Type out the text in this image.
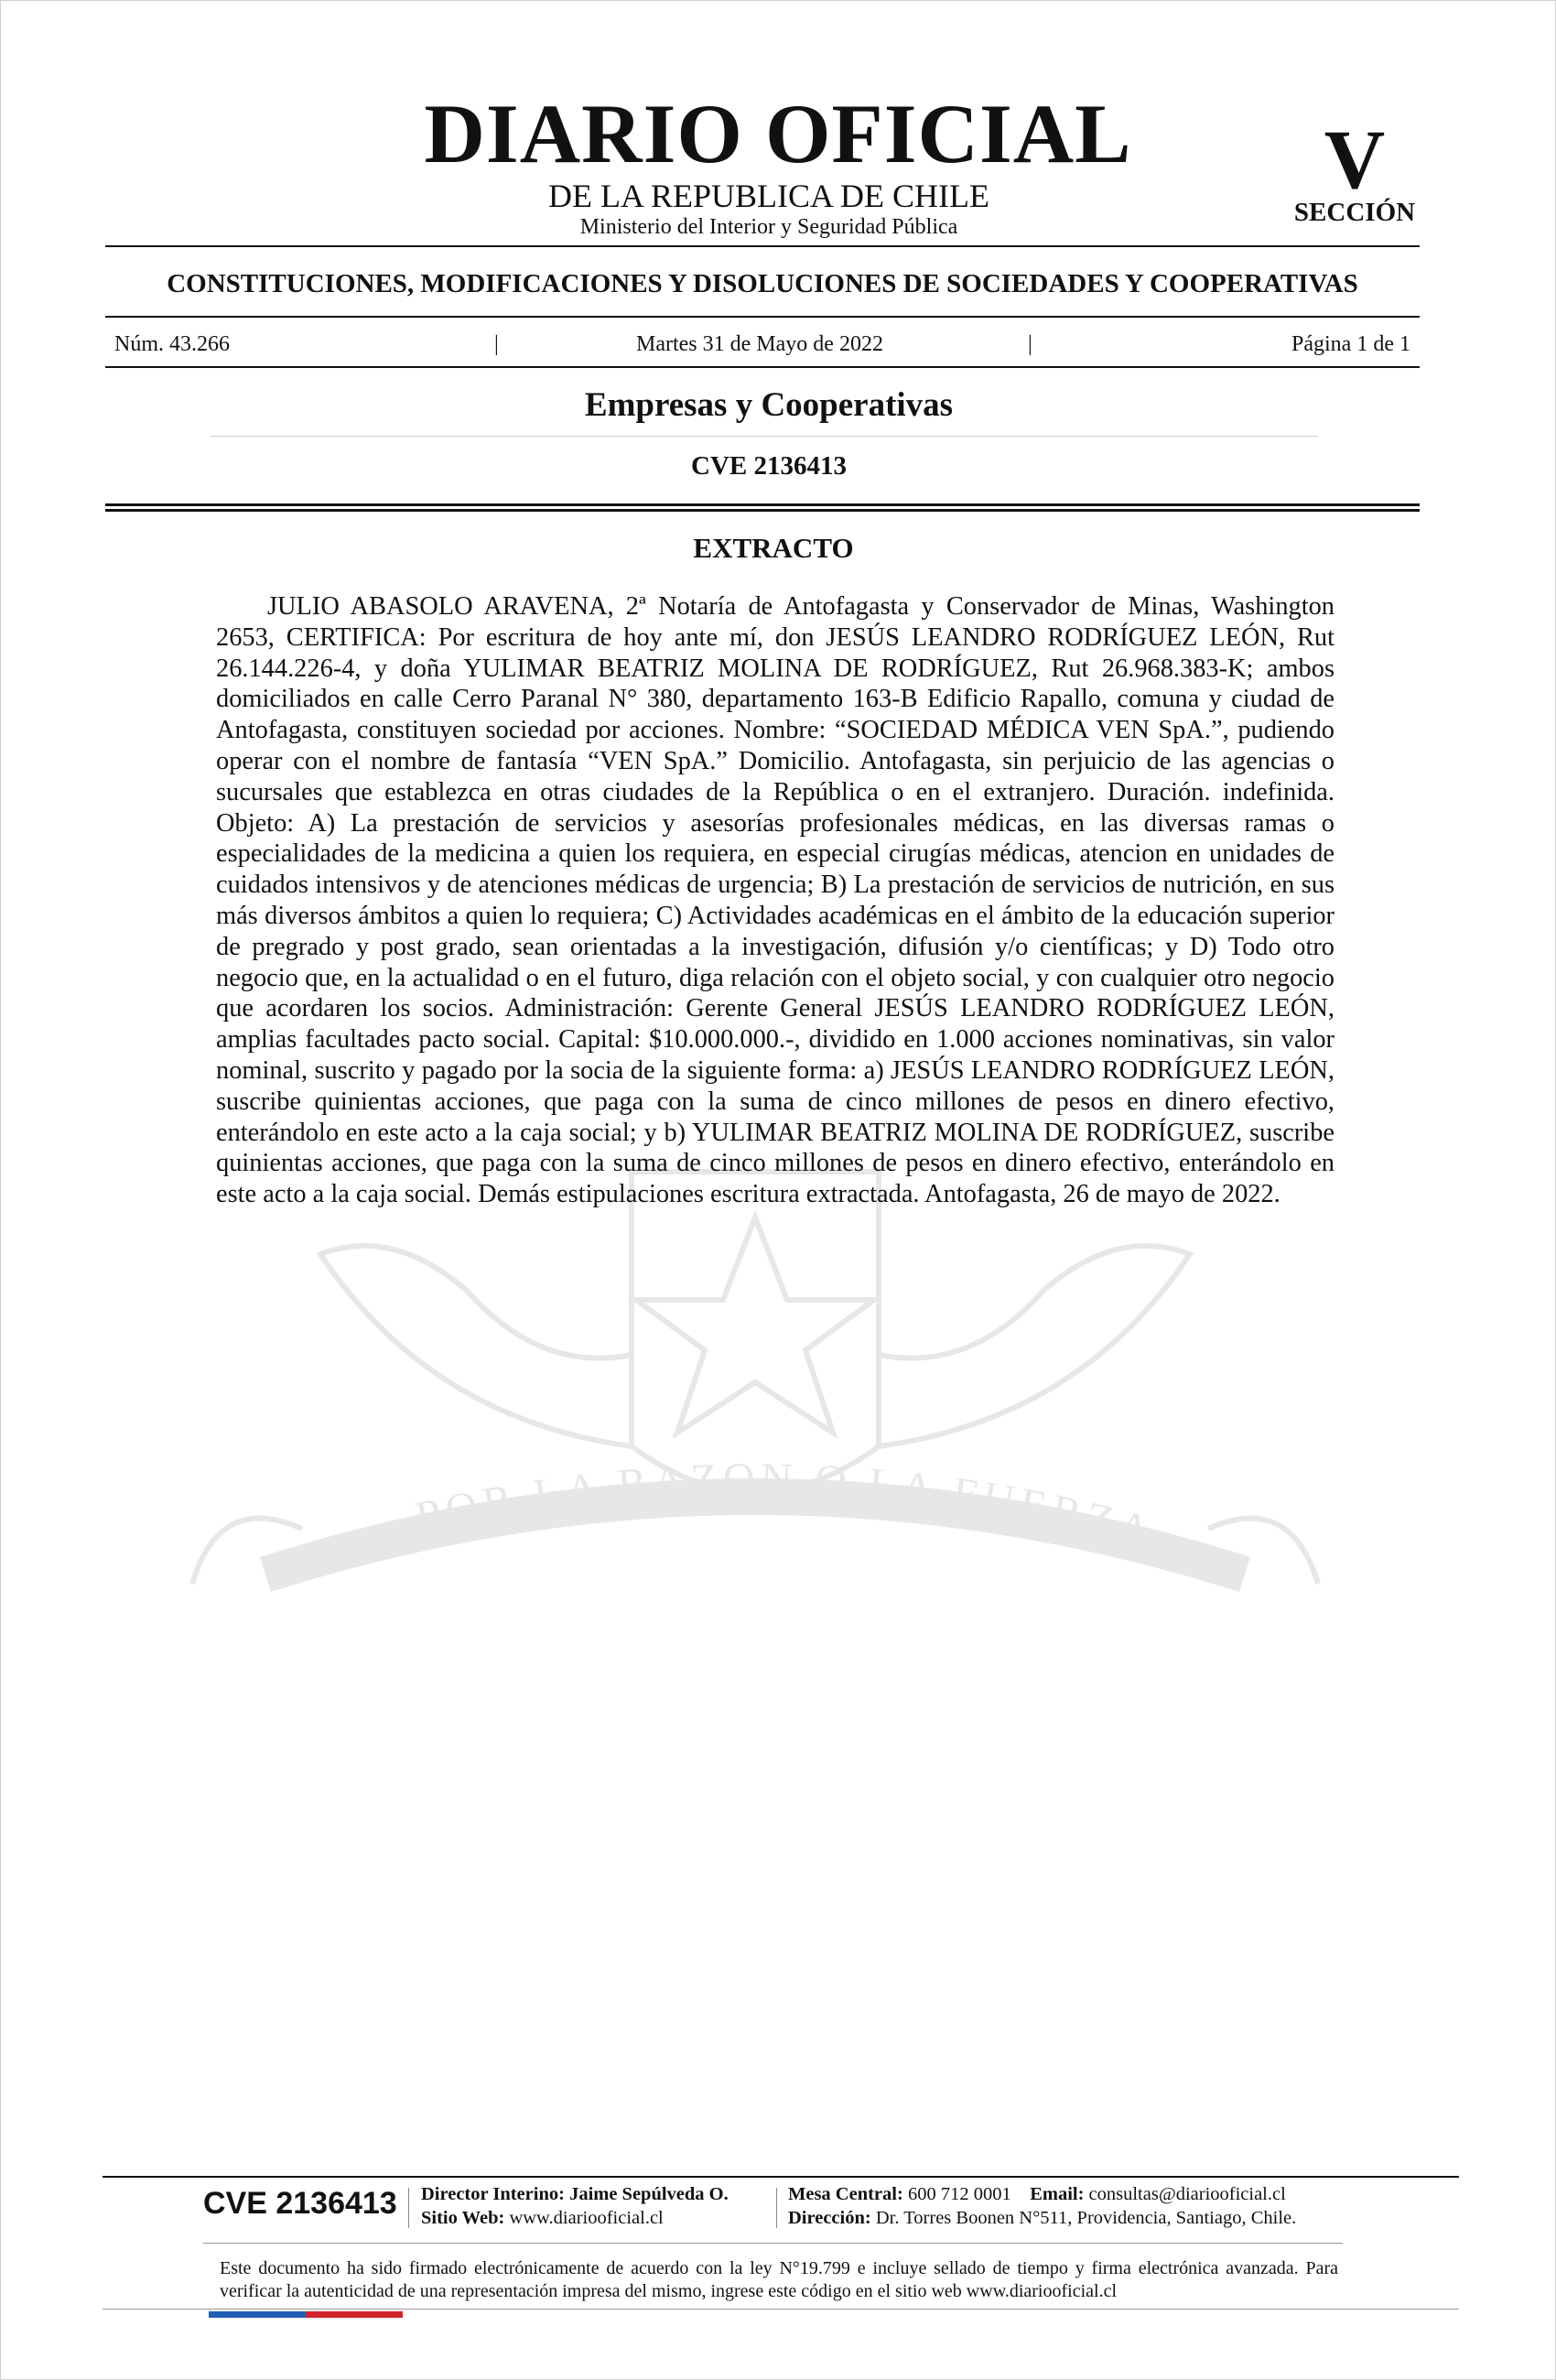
POR LA RAZON O LA FUERZA
DIARIO OFICIAL
DE LA REPUBLICA DE CHILE
Ministerio del Interior y Seguridad Pública
V
SECCIÓN
CONSTITUCIONES, MODIFICACIONES Y DISOLUCIONES DE SOCIEDADES Y COOPERATIVAS
Núm. 43.266	|	Martes 31 de Mayo de 2022	|	Página 1 de 1
Empresas y Cooperativas
CVE 2136413
EXTRACTO

JULIO ABASOLO ARAVENA, 2ª Notaría de Antofagasta y Conservador de Minas, Washington 2653, CERTIFICA: Por escritura de hoy ante mí, don JESÚS LEANDRO RODRÍGUEZ LEÓN, Rut 26.144.226-4, y doña YULIMAR BEATRIZ MOLINA DE RODRÍGUEZ, Rut 26.968.383-K; ambos domiciliados en calle Cerro Paranal N° 380, departamento 163-B Edificio Rapallo, comuna y ciudad de Antofagasta, constituyen sociedad por acciones. Nombre: “SOCIEDAD MÉDICA VEN SpA.”, pudiendo operar con el nombre de fantasía “VEN SpA.” Domicilio. Antofagasta, sin perjuicio de las agencias o sucursales que establezca en otras ciudades de la República o en el extranjero. Duración. indefinida. Objeto: A) La prestación de servicios y asesorías profesionales médicas, en las diversas ramas o especialidades de la medicina a quien los requiera, en especial cirugías médicas, atencion en unidades de cuidados intensivos y de atenciones médicas de urgencia; B) La prestación de servicios de nutrición, en sus más diversos ámbitos a quien lo requiera; C) Actividades académicas en el ámbito de la educación superior de pregrado y post grado, sean orientadas a la investigación, difusión y/o científicas; y D) Todo otro negocio que, en la actualidad o en el futuro, diga relación con el objeto social, y con cualquier otro negocio que acordaren los socios. Administración: Gerente General JESÚS LEANDRO RODRÍGUEZ LEÓN, amplias facultades pacto social. Capital: $10.000.000.-, dividido en 1.000 acciones nominativas, sin valor nominal, suscrito y pagado por la socia de la siguiente forma: a) JESÚS LEANDRO RODRÍGUEZ LEÓN, suscribe quinientas acciones, que paga con la suma de cinco millones de pesos en dinero efectivo, enterándolo en este acto a la caja social; y b) YULIMAR BEATRIZ MOLINA DE RODRÍGUEZ, suscribe quinientas acciones, que paga con la suma de cinco millones de pesos en dinero efectivo, enterándolo en este acto a la caja social. Demás estipulaciones escritura extractada. Antofagasta, 26 de mayo de 2022.

CVE 2136413 Director Interino: Jaime Sepúlveda O.
Sitio Web: www.diariooficial.cl
Mesa Central: 600 712 0001 Email: consultas@diariooficial.cl
Dirección: Dr. Torres Boonen N°511, Providencia, Santiago, Chile.
Este documento ha sido firmado electrónicamente de acuerdo con la ley N°19.799 e incluye sellado de tiempo y firma electrónica avanzada. Para verificar la autenticidad de una representación impresa del mismo, ingrese este código en el sitio web www.diariooficial.cl
